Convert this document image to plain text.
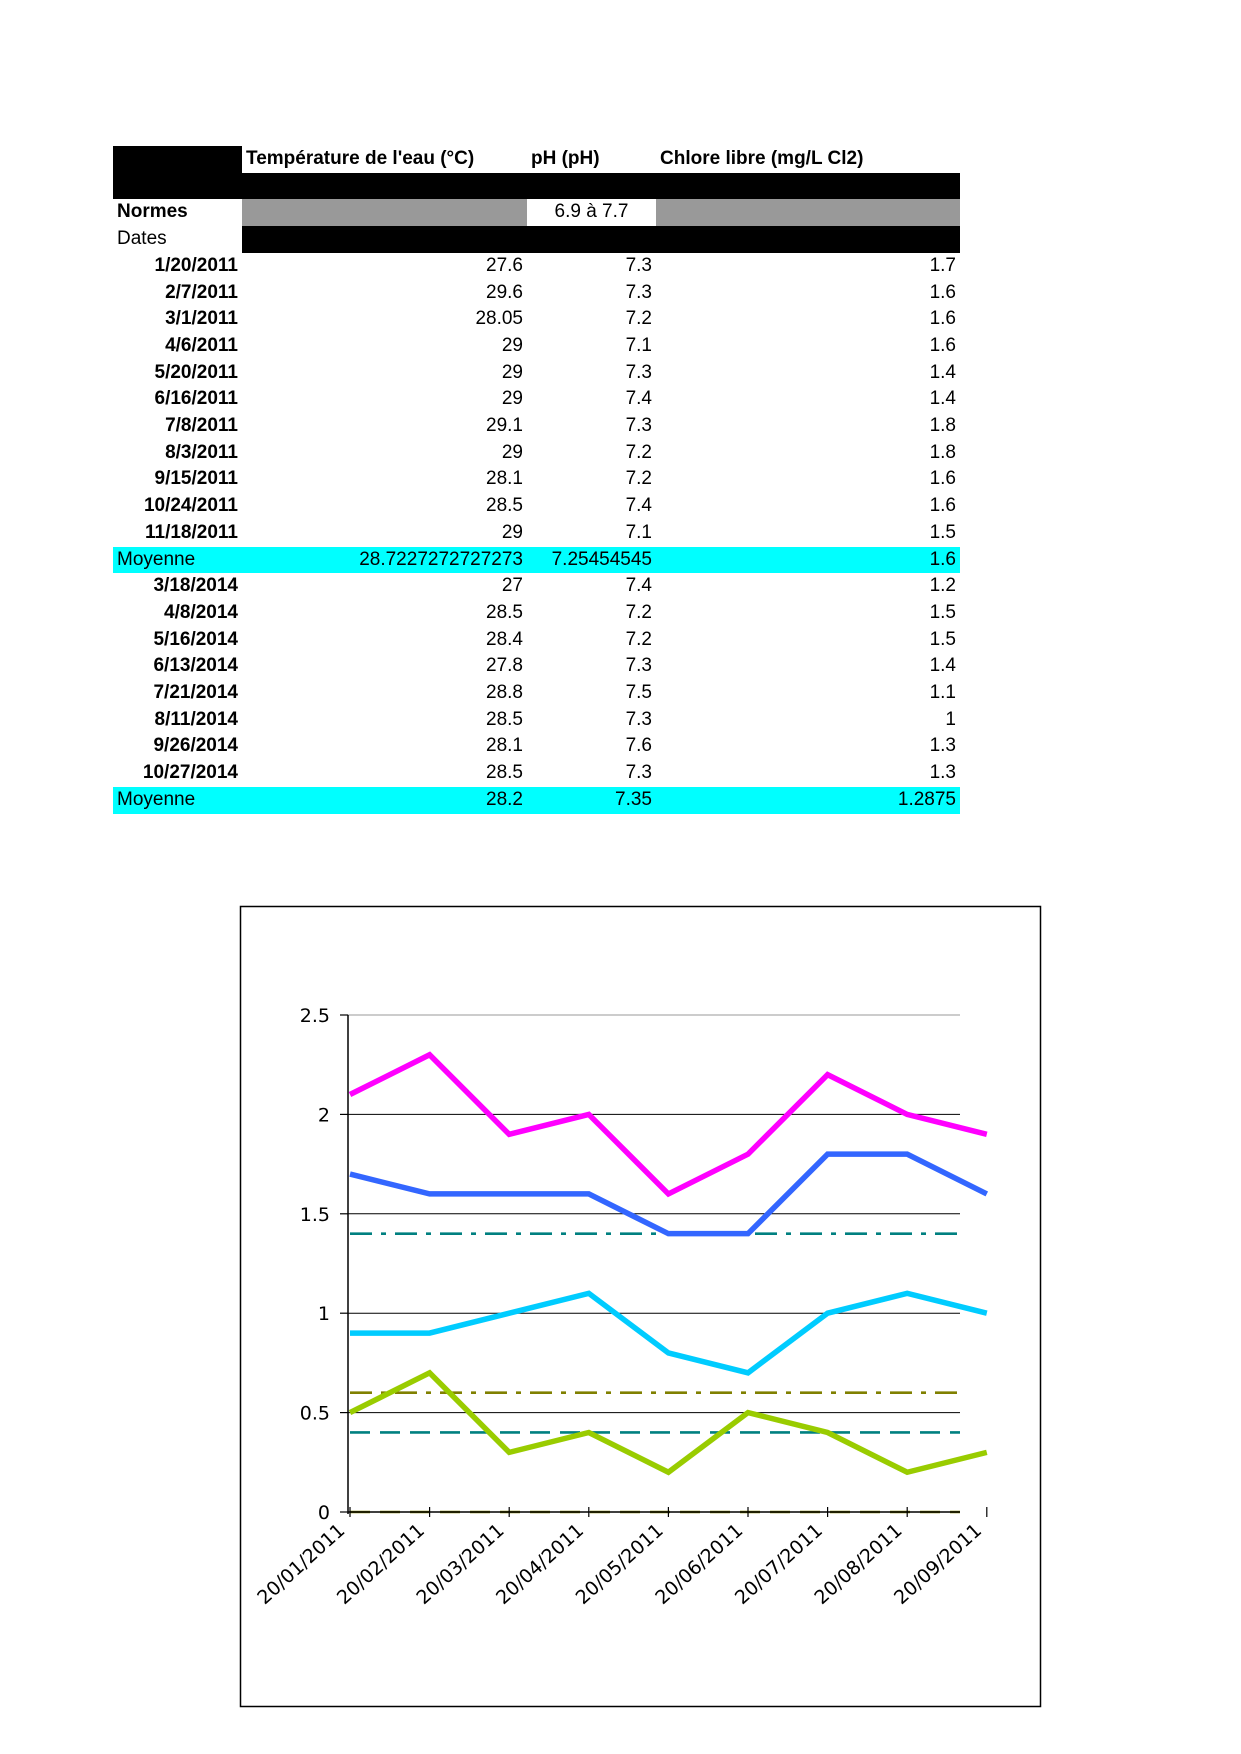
	Température de l'eau (°C)	pH (pH)	Chlore libre (mg/L Cl2)

Normes		6.9 à 7.7	
Dates			
1/20/2011	27.6	7.3	1.7
2/7/2011	29.6	7.3	1.6
3/1/2011	28.05	7.2	1.6
4/6/2011	29	7.1	1.6
5/20/2011	29	7.3	1.4
6/16/2011	29	7.4	1.4
7/8/2011	29.1	7.3	1.8
8/3/2011	29	7.2	1.8
9/15/2011	28.1	7.2	1.6
10/24/2011	28.5	7.4	1.6
11/18/2011	29	7.1	1.5
Moyenne	28.7227272727273	7.25454545	1.6
3/18/2014	27	7.4	1.2
4/8/2014	28.5	7.2	1.5
5/16/2014	28.4	7.2	1.5
6/13/2014	27.8	7.3	1.4
7/21/2014	28.8	7.5	1.1
8/11/2014	28.5	7.3	1
9/26/2014	28.1	7.6	1.3
10/27/2014	28.5	7.3	1.3
Moyenne	28.2	7.35	1.2875
0
0.5
1
1.5
2
2.5
20/01/2011
20/02/2011
20/03/2011
20/04/2011
20/05/2011
20/06/2011
20/07/2011
20/08/2011
20/09/2011
